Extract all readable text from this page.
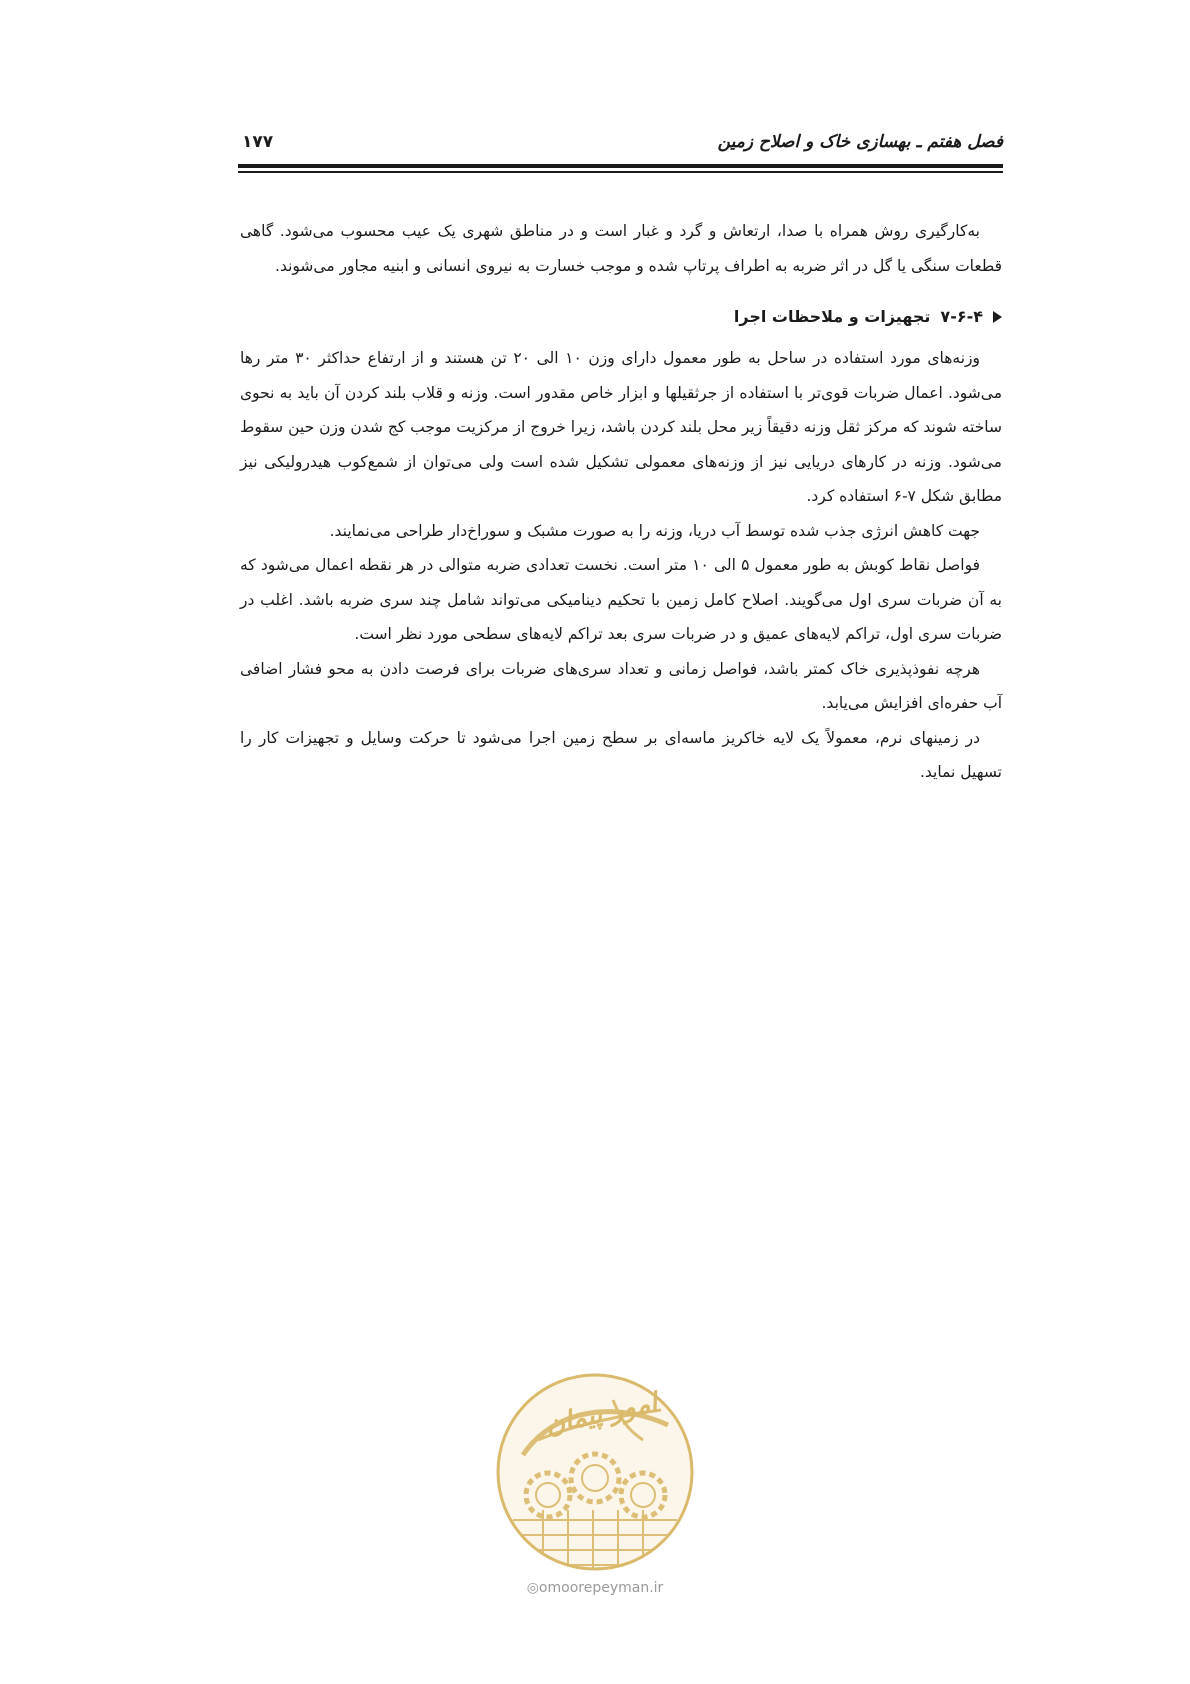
فصل هفتم ـ بهسازی خاک و اصلاح زمین
۱۷۷

به‌کارگیری روش همراه با صدا، ارتعاش و گرد و غبار است و در مناطق شهری یک عیب محسوب می‌شود. گاهی قطعات سنگی یا گل در اثر ضربه به اطراف پرتاپ شده و موجب خسارت به نیروی انسانی و ابنیه مجاور می‌شوند.

۷-۶-۴
تجهیزات و ملاحظات اجرا

وزنه‌های مورد استفاده در ساحل به طور معمول دارای وزن ۱۰ الی ۲۰ تن هستند و از ارتفاع حداکثر ۳۰ متر رها می‌شود. اعمال ضربات قوی‌تر با استفاده از جرثقیلها و ابزار خاص مقدور است. وزنه و قلاب بلند کردن آن باید به نحوی ساخته شوند که مرکز ثقل وزنه دقیقاً زیر محل بلند کردن باشد، زیرا خروج از مرکزیت موجب کج شدن وزن حین سقوط می‌شود. وزنه در کارهای دریایی نیز از وزنه‌های معمولی تشکیل شده است ولی می‌توان از شمع‌کوب هیدرولیکی نیز مطابق شکل ۷-۶ استفاده کرد.

جهت کاهش انرژی جذب شده توسط آب دریا، وزنه را به صورت مشبک و سوراخ‌دار طراحی می‌نمایند.

فواصل نقاط کوبش به طور معمول ۵ الی ۱۰ متر است. نخست تعدادی ضربه متوالی در هر نقطه اعمال می‌شود که به آن ضربات سری اول می‌گویند. اصلاح کامل زمین با تحکیم دینامیکی می‌تواند شامل چند سری ضربه باشد. اغلب در ضربات سری اول، تراکم لایه‌های عمیق و در ضربات سری بعد تراکم لایه‌های سطحی مورد نظر است.

هرچه نفوذپذیری خاک کمتر باشد، فواصل زمانی و تعداد سری‌های ضربات برای فرصت دادن به محو فشار اضافی آب حفره‌ای افزایش می‌یابد.

در زمینهای نرم، معمولاً یک لایه خاکریز ماسه‌ای بر سطح زمین اجرا می‌شود تا حرکت وسایل و تجهیزات کار را تسهیل نماید.

امور پیمان
◎omoorepeyman.ir
